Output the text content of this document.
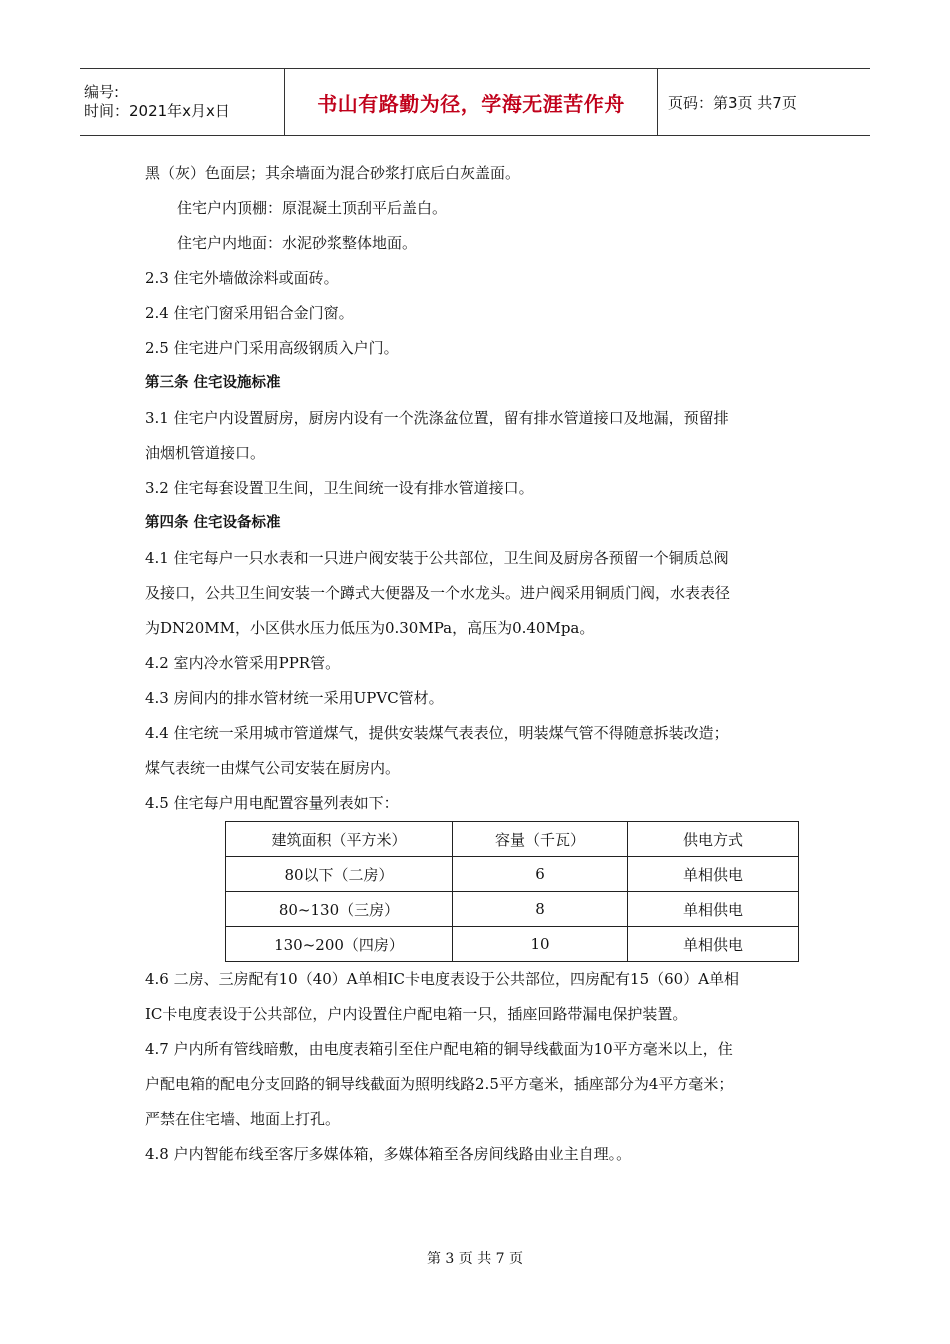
编号:
时间：2021年x月x日	书山有路勤为径，学海无涯苦作舟	页码：第3页 共7页

黑（灰）色面层；其余墙面为混合砂浆打底后白灰盖面。

住宅户内顶棚：原混凝土顶刮平后盖白。

住宅户内地面：水泥砂浆整体地面。

2.3 住宅外墙做涂料或面砖。

2.4 住宅门窗采用铝合金门窗。

2.5 住宅进户门采用高级钢质入户门。

第三条 住宅设施标准

3.1 住宅户内设置厨房，厨房内设有一个洗涤盆位置，留有排水管道接口及地漏，预留排

油烟机管道接口。

3.2 住宅每套设置卫生间，卫生间统一设有排水管道接口。

第四条 住宅设备标准

4.1 住宅每户一只水表和一只进户阀安装于公共部位，卫生间及厨房各预留一个铜质总阀

及接口，公共卫生间安装一个蹲式大便器及一个水龙头。进户阀采用铜质门阀，水表表径

为DN20MM，小区供水压力低压为0.30MPa，高压为0.40Mpa。

4.2 室内冷水管采用PPR管。

4.3 房间内的排水管材统一采用UPVC管材。

4.4 住宅统一采用城市管道煤气，提供安装煤气表表位，明装煤气管不得随意拆装改造；

煤气表统一由煤气公司安装在厨房内。

4.5 住宅每户用电配置容量列表如下：

建筑面积（平方米）	容量（千瓦）	供电方式
80以下（二房）	6	单相供电
80~130（三房）	8	单相供电
130~200（四房）	10	单相供电

4.6 二房、三房配有10（40）A单相IC卡电度表设于公共部位，四房配有15（60）A单相

IC卡电度表设于公共部位，户内设置住户配电箱一只，插座回路带漏电保护装置。

4.7 户内所有管线暗敷，由电度表箱引至住户配电箱的铜导线截面为10平方毫米以上，住

户配电箱的配电分支回路的铜导线截面为照明线路2.5平方毫米，插座部分为4平方毫米；

严禁在住宅墙、地面上打孔。

4.8 户内智能布线至客厅多媒体箱，多媒体箱至各房间线路由业主自理。。

第 3 页 共 7 页
